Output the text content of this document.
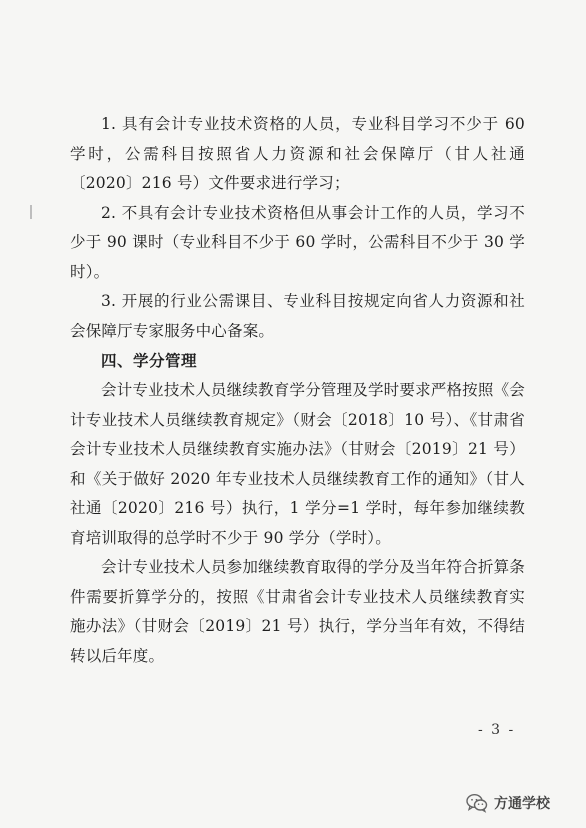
1. 具有会计专业技术资格的人员，专业科目学习不少于 60 学时，公需科目按照省人力资源和社会保障厅（甘人社通〔2020〕216 号）文件要求进行学习；

2. 不具有会计专业技术资格但从事会计工作的人员，学习不少于 90 课时（专业科目不少于 60 学时，公需科目不少于 30 学时）。

3. 开展的行业公需课目、专业科目按规定向省人力资源和社会保障厅专家服务中心备案。

四、学分管理

会计专业技术人员继续教育学分管理及学时要求严格按照《会计专业技术人员继续教育规定》（财会〔2018〕10 号）、《甘肃省会计专业技术人员继续教育实施办法》（甘财会〔2019〕21 号）和《关于做好 2020 年专业技术人员继续教育工作的通知》（甘人社通〔2020〕216 号）执行，1 学分=1 学时，每年参加继续教育培训取得的总学时不少于 90 学分（学时）。

会计专业技术人员参加继续教育取得的学分及当年符合折算条件需要折算学分的，按照《甘肃省会计专业技术人员继续教育实施办法》（甘财会〔2019〕21 号）执行，学分当年有效，不得结转以后年度。

- 3 -
方通学校
